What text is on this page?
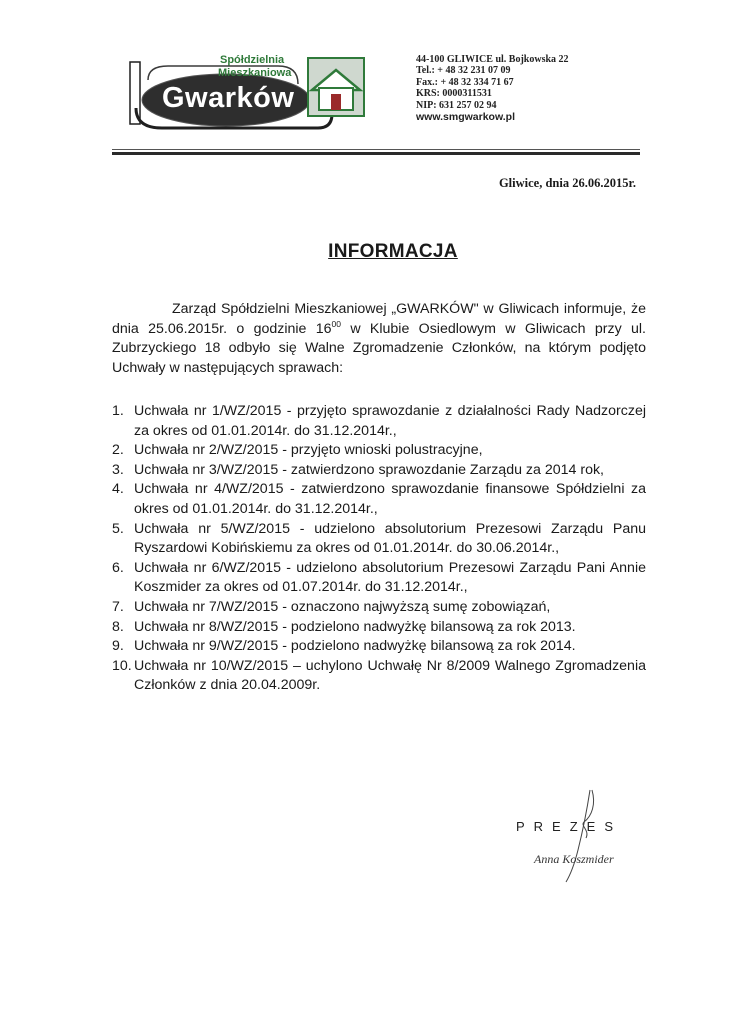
Spółdzielnia
Mieszkaniowa
Gwarków
44-100 GLIWICE ul. Bojkowska 22
Tel.: + 48 32 231 07 09
Fax.: + 48 32 334 71 67
KRS: 0000311531
NIP: 631 257 02 94
www.smgwarkow.pl
Gliwice, dnia 26.06.2015r.
INFORMACJA
Zarząd Spółdzielni Mieszkaniowej „GWARKÓW" w Gliwicach informuje, że dnia 25.06.2015r. o godzinie $16^{00}$ w Klubie Osiedlowym w Gliwicach przy ul. Zubrzyckiego 18 odbyło się Walne Zgromadzenie Członków, na którym podjęto Uchwały w następujących sprawach:
1. Uchwała nr 1/WZ/2015 - przyjęto sprawozdanie z działalności Rady Nadzorczej za okres od 01.01.2014r. do 31.12.2014r.,
2. Uchwała nr 2/WZ/2015 - przyjęto wnioski polustracyjne,
3. Uchwała nr 3/WZ/2015 - zatwierdzono sprawozdanie Zarządu za 2014 rok,
4. Uchwała nr 4/WZ/2015 - zatwierdzono sprawozdanie finansowe Spółdzielni za okres od 01.01.2014r. do 31.12.2014r.,
5. Uchwała nr 5/WZ/2015 - udzielono absolutorium Prezesowi Zarządu Panu Ryszardowi Kobińskiemu za okres od 01.01.2014r. do 30.06.2014r.,
6. Uchwała nr 6/WZ/2015 - udzielono absolutorium Prezesowi Zarządu Pani Annie Koszmider za okres od 01.07.2014r. do 31.12.2014r.,
7. Uchwała nr 7/WZ/2015 - oznaczono najwyższą sumę zobowiązań,
8. Uchwała nr 8/WZ/2015 - podzielono nadwyżkę bilansową za rok 2013.
9. Uchwała nr 9/WZ/2015 - podzielono nadwyżkę bilansową za rok 2014.
10. Uchwała nr 10/WZ/2015 – uchylono Uchwałę Nr 8/2009 Walnego Zgromadzenia Członków z dnia 20.04.2009r.
PREZES
Anna Koszmider
